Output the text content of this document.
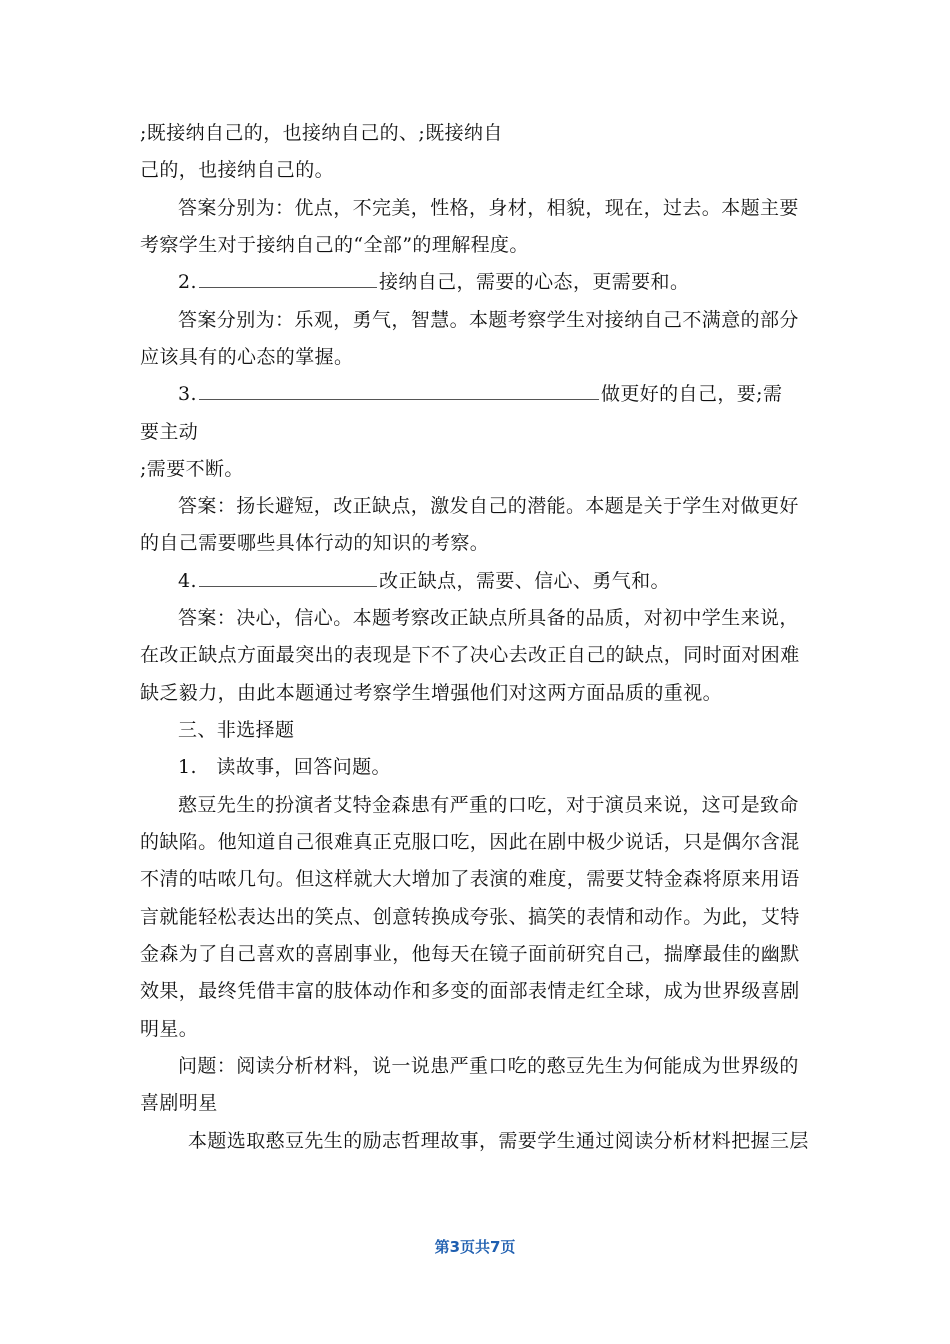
;既接纳自己的，也接纳自己的、;既接纳自
己的，也接纳自己的。
答案分别为：优点，不完美，性格，身材，相貌，现在，过去。本题主要
考察学生对于接纳自己的“全部”的理解程度。
2.	接纳自己，需要的心态，更需要和。
答案分别为：乐观，勇气，智慧。本题考察学生对接纳自己不满意的部分
应该具有的心态的掌握。
3.	做更好的自己，要;需
要主动
;需要不断。
答案：扬长避短，改正缺点，激发自己的潜能。本题是关于学生对做更好
的自己需要哪些具体行动的知识的考察。
4.	改正缺点，需要、信心、勇气和。
答案：决心，信心。本题考察改正缺点所具备的品质，对初中学生来说，
在改正缺点方面最突出的表现是下不了决心去改正自己的缺点，同时面对困难
缺乏毅力，由此本题通过考察学生增强他们对这两方面品质的重视。
三、非选择题
1.　读故事，回答问题。
憨豆先生的扮演者艾特金森患有严重的口吃，对于演员来说，这可是致命
的缺陷。他知道自己很难真正克服口吃，因此在剧中极少说话，只是偶尔含混
不清的咕哝几句。但这样就大大增加了表演的难度，需要艾特金森将原来用语
言就能轻松表达出的笑点、创意转换成夸张、搞笑的表情和动作。为此，艾特
金森为了自己喜欢的喜剧事业，他每天在镜子面前研究自己，揣摩最佳的幽默
效果，最终凭借丰富的肢体动作和多变的面部表情走红全球，成为世界级喜剧
明星。
问题：阅读分析材料，说一说患严重口吃的憨豆先生为何能成为世界级的
喜剧明星
本题选取憨豆先生的励志哲理故事，需要学生通过阅读分析材料把握三层
第3页共7页
